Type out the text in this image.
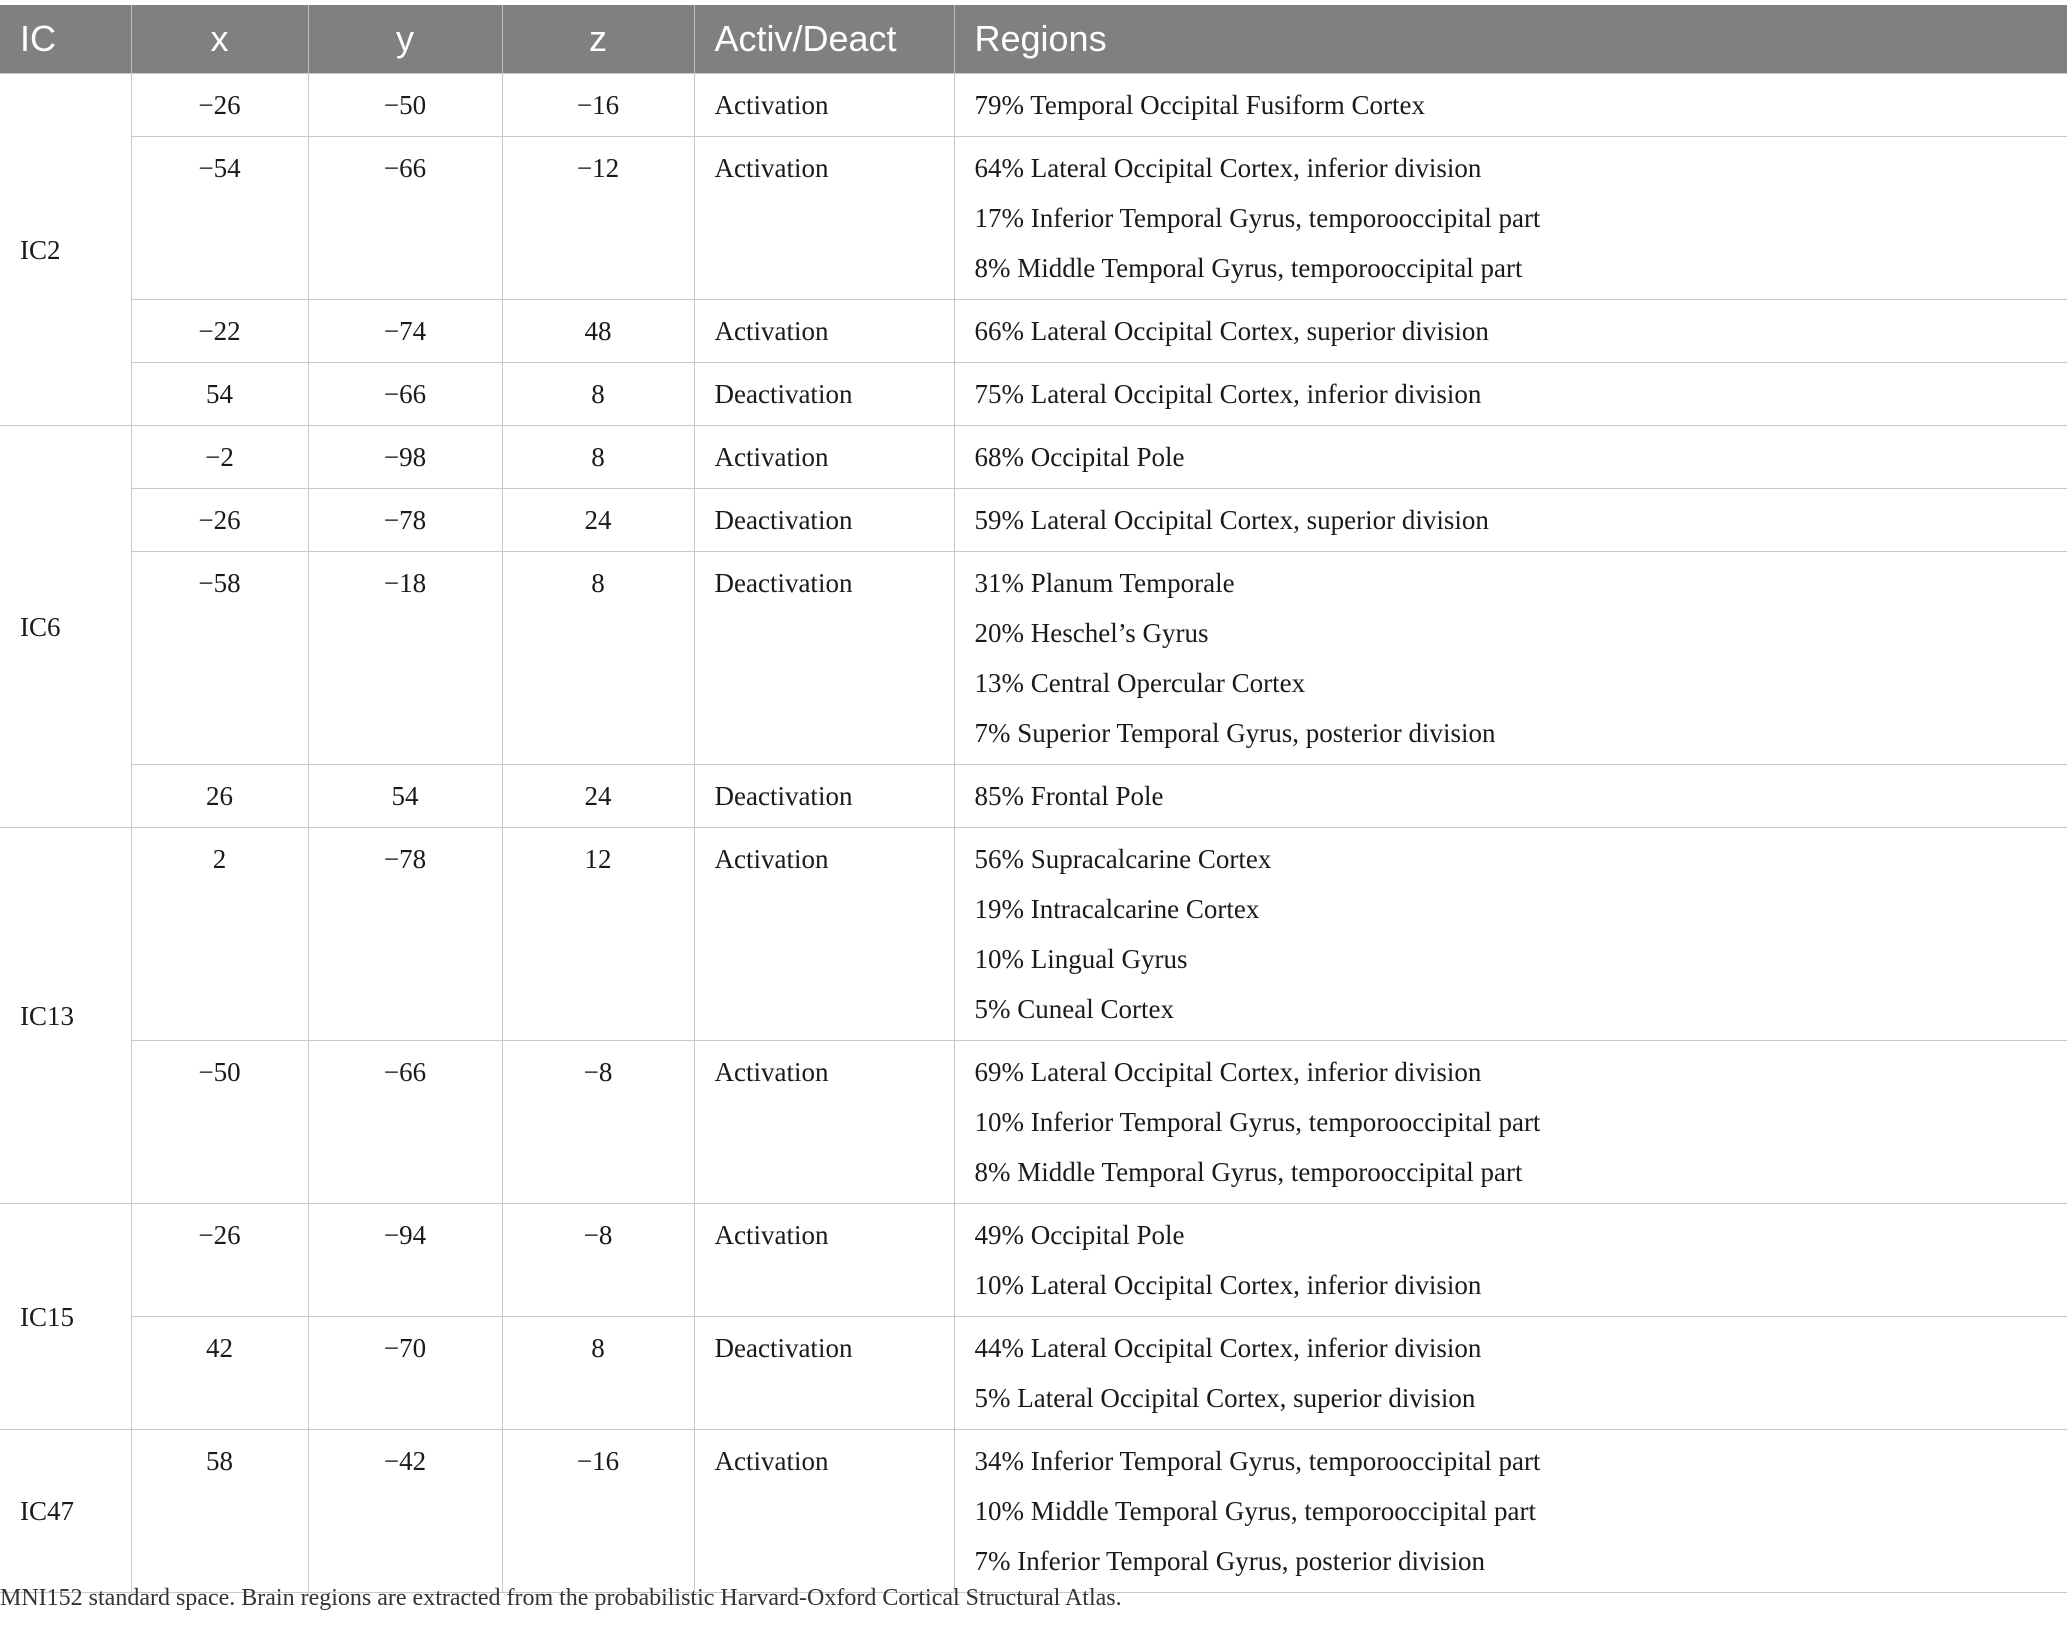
IC	x	y	z	Activ/Deact	Regions
IC2	−26	−50	−16	Activation	79% Temporal Occipital Fusiform Cortex

	−54	−66	−12	Activation	64% Lateral Occipital Cortex, inferior division
17% Inferior Temporal Gyrus, temporooccipital part
8% Middle Temporal Gyrus, temporooccipital part

	−22	−74	48	Activation	66% Lateral Occipital Cortex, superior division

	54	−66	8	Deactivation	75% Lateral Occipital Cortex, inferior division

IC6	−2	−98	8	Activation	68% Occipital Pole

	−26	−78	24	Deactivation	59% Lateral Occipital Cortex, superior division

	−58	−18	8	Deactivation	31% Planum Temporale
20% Heschel’s Gyrus
13% Central Opercular Cortex
7% Superior Temporal Gyrus, posterior division

	26	54	24	Deactivation	85% Frontal Pole

IC13	2	−78	12	Activation	56% Supracalcarine Cortex
19% Intracalcarine Cortex
10% Lingual Gyrus
5% Cuneal Cortex

	−50	−66	−8	Activation	69% Lateral Occipital Cortex, inferior division
10% Inferior Temporal Gyrus, temporooccipital part
8% Middle Temporal Gyrus, temporooccipital part

IC15	−26	−94	−8	Activation	49% Occipital Pole
10% Lateral Occipital Cortex, inferior division

	42	−70	8	Deactivation	44% Lateral Occipital Cortex, inferior division
5% Lateral Occipital Cortex, superior division

IC47	58	−42	−16	Activation	34% Inferior Temporal Gyrus, temporooccipital part
10% Middle Temporal Gyrus, temporooccipital part
7% Inferior Temporal Gyrus, posterior division
MNI152 standard space. Brain regions are extracted from the probabilistic Harvard-Oxford Cortical Structural Atlas.
